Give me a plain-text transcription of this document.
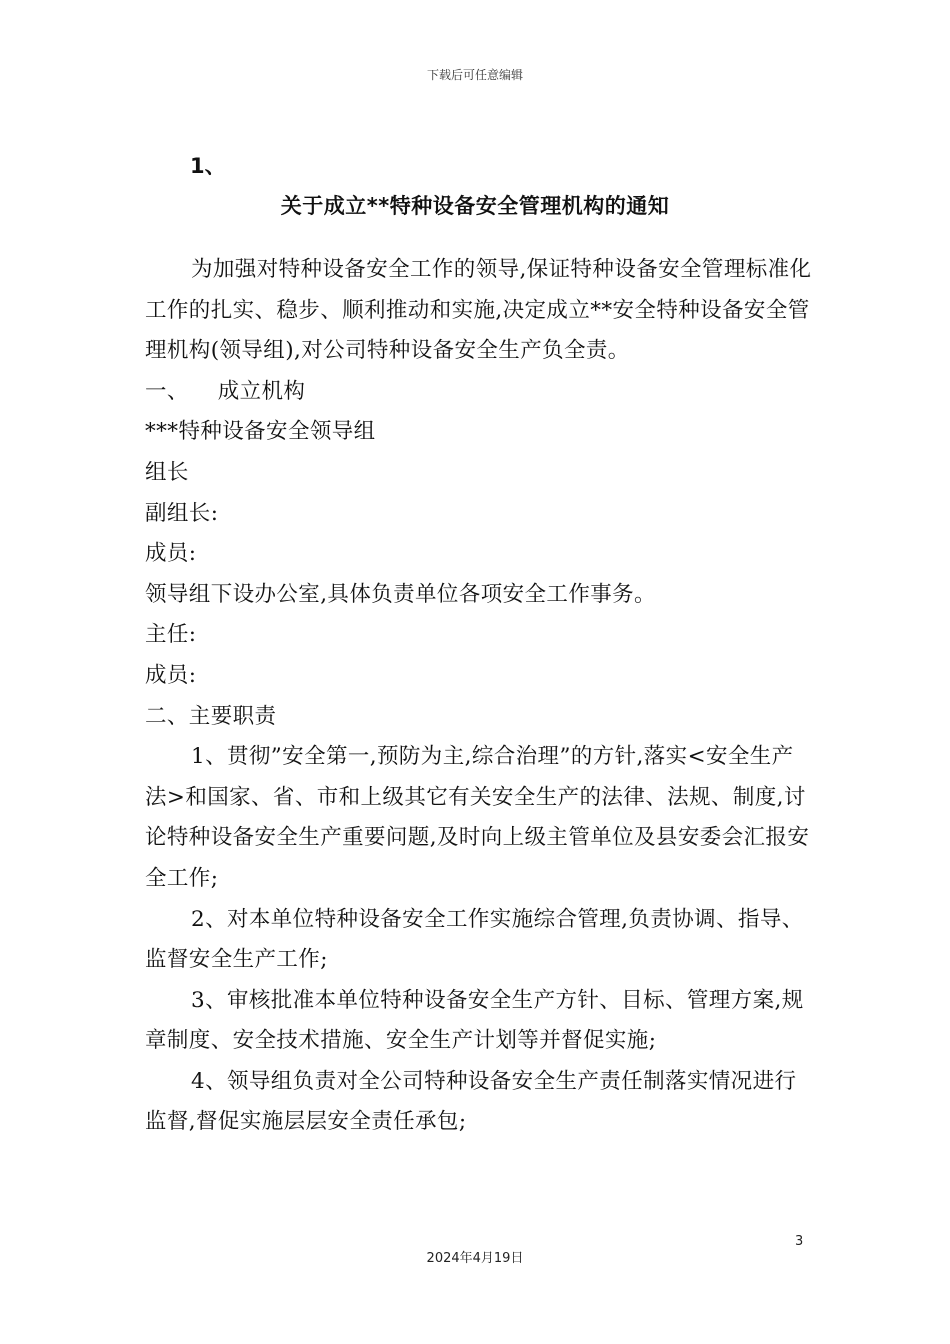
下载后可任意编辑
1、
关于成立**特种设备安全管理机构的通知

为加强对特种设备安全工作的领导,保证特种设备安全管理标准化工作的扎实、稳步、顺利推动和实施,决定成立**安全特种设备安全管理机构(领导组),对公司特种设备安全生产负全责。

一、    成立机构

***特种设备安全领导组

组长

副组长:

成员:

领导组下设办公室,具体负责单位各项安全工作事务。

主任:

成员:

二、主要职责

1、贯彻”安全第一,预防为主,综合治理”的方针,落实<安全生产法>和国家、省、市和上级其它有关安全生产的法律、法规、制度,讨论特种设备安全生产重要问题,及时向上级主管单位及县安委会汇报安全工作;

2、对本单位特种设备安全工作实施综合管理,负责协调、指导、监督安全生产工作;

3、审核批准本单位特种设备安全生产方针、目标、管理方案,规章制度、安全技术措施、安全生产计划等并督促实施;

4、领导组负责对全公司特种设备安全生产责任制落实情况进行监督,督促实施层层安全责任承包;

3
2024年4月19日
